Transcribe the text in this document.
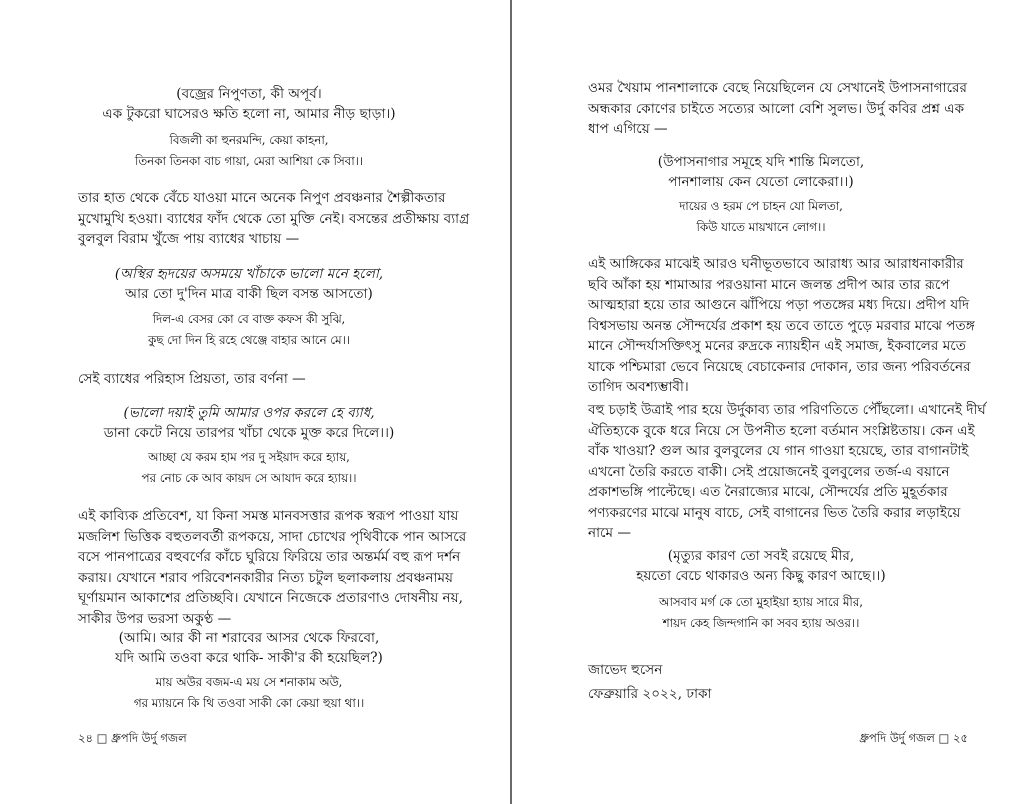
(বজ্রের নিপুণতা, কী অপূর্ব।
এক টুকরো ঘাসেরও ক্ষতি হলো না, আমার নীড় ছাড়া।)
বিজলী কা হুনরমন্দি, কেয়া কাহনা,
তিনকা তিনকা বাচ গায়া, মেরা আশিয়া কে সিবা।।
তার হাত থেকে বেঁচে যাওয়া মানে অনেক নিপুণ প্রবঞ্চনার শৈল্পীকতার
মুখোমুখি হওয়া। ব্যাধের ফাঁদ থেকে তো মুক্তি নেই। বসন্তের প্রতীক্ষায় ব্যাগ্র
বুলবুল বিরাম খুঁজে পায় ব্যাধের খাচায় —
(অস্থির হৃদয়ের অসময়ে খাঁচাকে ভালো মনে হলো,
আর তো দু'দিন মাত্র বাকী ছিল বসন্ত আসতো)
দিল-এ বেসর কো বে বাক্ত কফস কী সুঝি,
কুছ দো দিন হি রহে থেঞ্জে বাহার আনে মে।।
সেই ব্যাধের পরিহাস প্রিয়তা, তার বর্ণনা —
(ভালো দয়াই তুমি আমার ওপর করলে হে ব্যাধ,
ডানা কেটে নিয়ে তারপর খাঁচা থেকে মুক্ত করে দিলে।।)
আচ্ছা যে করম হাম পর দু সইয়াদ করে হ্যায়,
পর নোচ কে আব কায়দ সে আযাদ করে হ্যায়।।
এই কাব্যিক প্রতিবেশ, যা কিনা সমস্ত মানবসত্তার রূপক স্বরূপ পাওয়া যায়
মজলিশ ভিত্তিক বহুতলবর্তী রূপকয়ে, সাদা চোখের পৃথিবীকে পান আসরে
বসে পানপাত্রের বহুবর্ণের কাঁচে ঘুরিয়ে ফিরিয়ে তার অন্তর্মর্ম বহু রূপ দর্শন
করায়। যেখানে শরাব পরিবেশনকারীর নিত্য চটুল ছলাকলায় প্রবঞ্চনাময়
ঘূর্ণায়মান আকাশের প্রতিচ্ছবি। যেখানে নিজেকে প্রতারণাও দোষনীয় নয়,
সাকীর উপর ভরসা অকুণ্ঠ —
(আমি। আর কী না শরাবের আসর থেকে ফিরবো,
যদি আমি তওবা করে থাকি- সাকী'র কী হয়েছিল?)
মায় অউর বজম-এ ময় সে শনাকাম অউ,
গর ম্যায়নে কি থি তওবা সাকী কো কেয়া হুয়া থা।।
২৪ □ ধ্রুপদি উর্দু গজল
ওমর খৈয়াম পানশালাকে বেছে নিয়েছিলেন যে সেখানেই উপাসনাগারের
অন্ধকার কোণের চাইতে সত্যের আলো বেশি সুলভ। উর্দু কবির প্রশ্ন এক
ধাপ এগিয়ে —
(উপাসনাগার সমূহে যদি শান্তি মিলতো,
পানশালায় কেন যেতো লোকেরা।।)
দায়ের ও হরম পে চাহন যো মিলতা,
কিউ যাতে মায়খানে লোগ।।
এই আঙ্গিকের মাঝেই আরও ঘনীভূতভাবে আরাধ্য আর আরাধনাকারীর
ছবি আঁকা হয় শামাআর পরওয়ানা মানে জলন্ত প্রদীপ আর তার রূপে
আত্মহারা হয়ে তার আগুনে ঝাঁপিয়ে পড়া পতঙ্গের মধ্য দিয়ে। প্রদীপ যদি
বিশ্বসভায় অনন্ত সৌন্দর্যের প্রকাশ হয় তবে তাতে পুড়ে মরবার মাঝে পতঙ্গ
মানে সৌন্দর্যাসক্তিৎসু মনের রুদ্রকে ন্যায়হীন এই সমাজ, ইকবালের মতে
যাকে পশ্চিমারা ভেবে নিয়েছে বেচাকেনার দোকান, তার জন্য পরিবর্তনের
তাগিদ অবশ্যম্ভাবী।
বহু চড়াই উত্রাই পার হয়ে উর্দুকাব্য তার পরিণতিতে পৌঁছলো। এখানেই দীর্ঘ
ঐতিহ্যকে বুকে ধরে নিয়ে সে উপনীত হলো বর্তমান সংশ্লিষ্টতায়। কেন এই
বাঁক খাওয়া? গুল আর বুলবুলের যে গান গাওয়া হয়েছে, তার বাগানটাই
এখনো তৈরি করতে বাকী। সেই প্রয়োজনেই বুলবুলের তর্জ-এ বয়ানে
প্রকাশভঙ্গি পাল্টেছে। এত নৈরাজ্যের মাঝে, সৌন্দর্যের প্রতি মুহূর্তকার
পণ্যকরণের মাঝে মানুষ বাচে, সেই বাগানের ভিত তৈরি করার লড়াইয়ে
নামে —
(মৃত্যুর কারণ তো সবই রয়েছে মীর,
হয়তো বেচে থাকারও অন্য কিছু কারণ আছে।।)
আসবাব মর্গ কে তো মুহাইয়া হ্যায় সারে মীর,
শায়দ কেহ জিন্দগানি কা সবব হ্যায় অওর।।
জাভেদ হুসেন
ফেব্রুয়ারি ২০২২, ঢাকা
ধ্রুপদি উর্দু গজল □ ২৫
